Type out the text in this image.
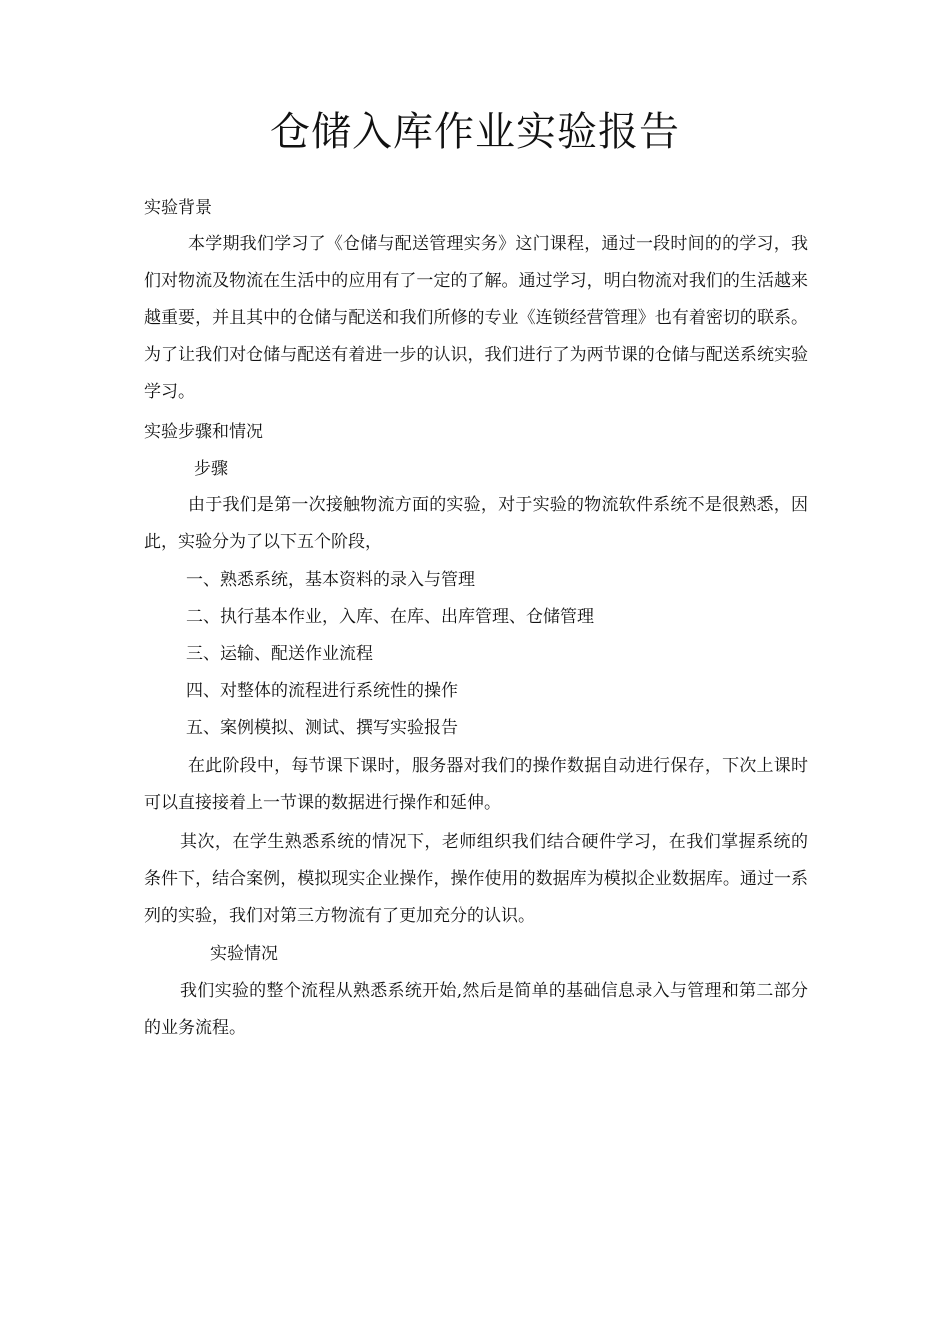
仓储入库作业实验报告
实验背景

本学期我们学习了《仓储与配送管理实务》这门课程，通过一段时间的的学习，我们对物流及物流在生活中的应用有了一定的了解。通过学习，明白物流对我们的生活越来越重要，并且其中的仓储与配送和我们所修的专业《连锁经营管理》也有着密切的联系。为了让我们对仓储与配送有着进一步的认识，我们进行了为两节课的仓储与配送系统实验学习。

实验步骤和情况
步骤

由于我们是第一次接触物流方面的实验，对于实验的物流软件系统不是很熟悉，因此，实验分为了以下五个阶段，

一、熟悉系统，基本资料的录入与管理
二、执行基本作业，入库、在库、出库管理、仓储管理
三、运输、配送作业流程
四、对整体的流程进行系统性的操作
五、案例模拟、测试、撰写实验报告

在此阶段中，每节课下课时，服务器对我们的操作数据自动进行保存，下次上课时可以直接接着上一节课的数据进行操作和延伸。

其次，在学生熟悉系统的情况下，老师组织我们结合硬件学习，在我们掌握系统的条件下，结合案例，模拟现实企业操作，操作使用的数据库为模拟企业数据库。通过一系列的实验，我们对第三方物流有了更加充分的认识。

实验情况

我们实验的整个流程从熟悉系统开始,然后是简单的基础信息录入与管理和第二部分的业务流程。
